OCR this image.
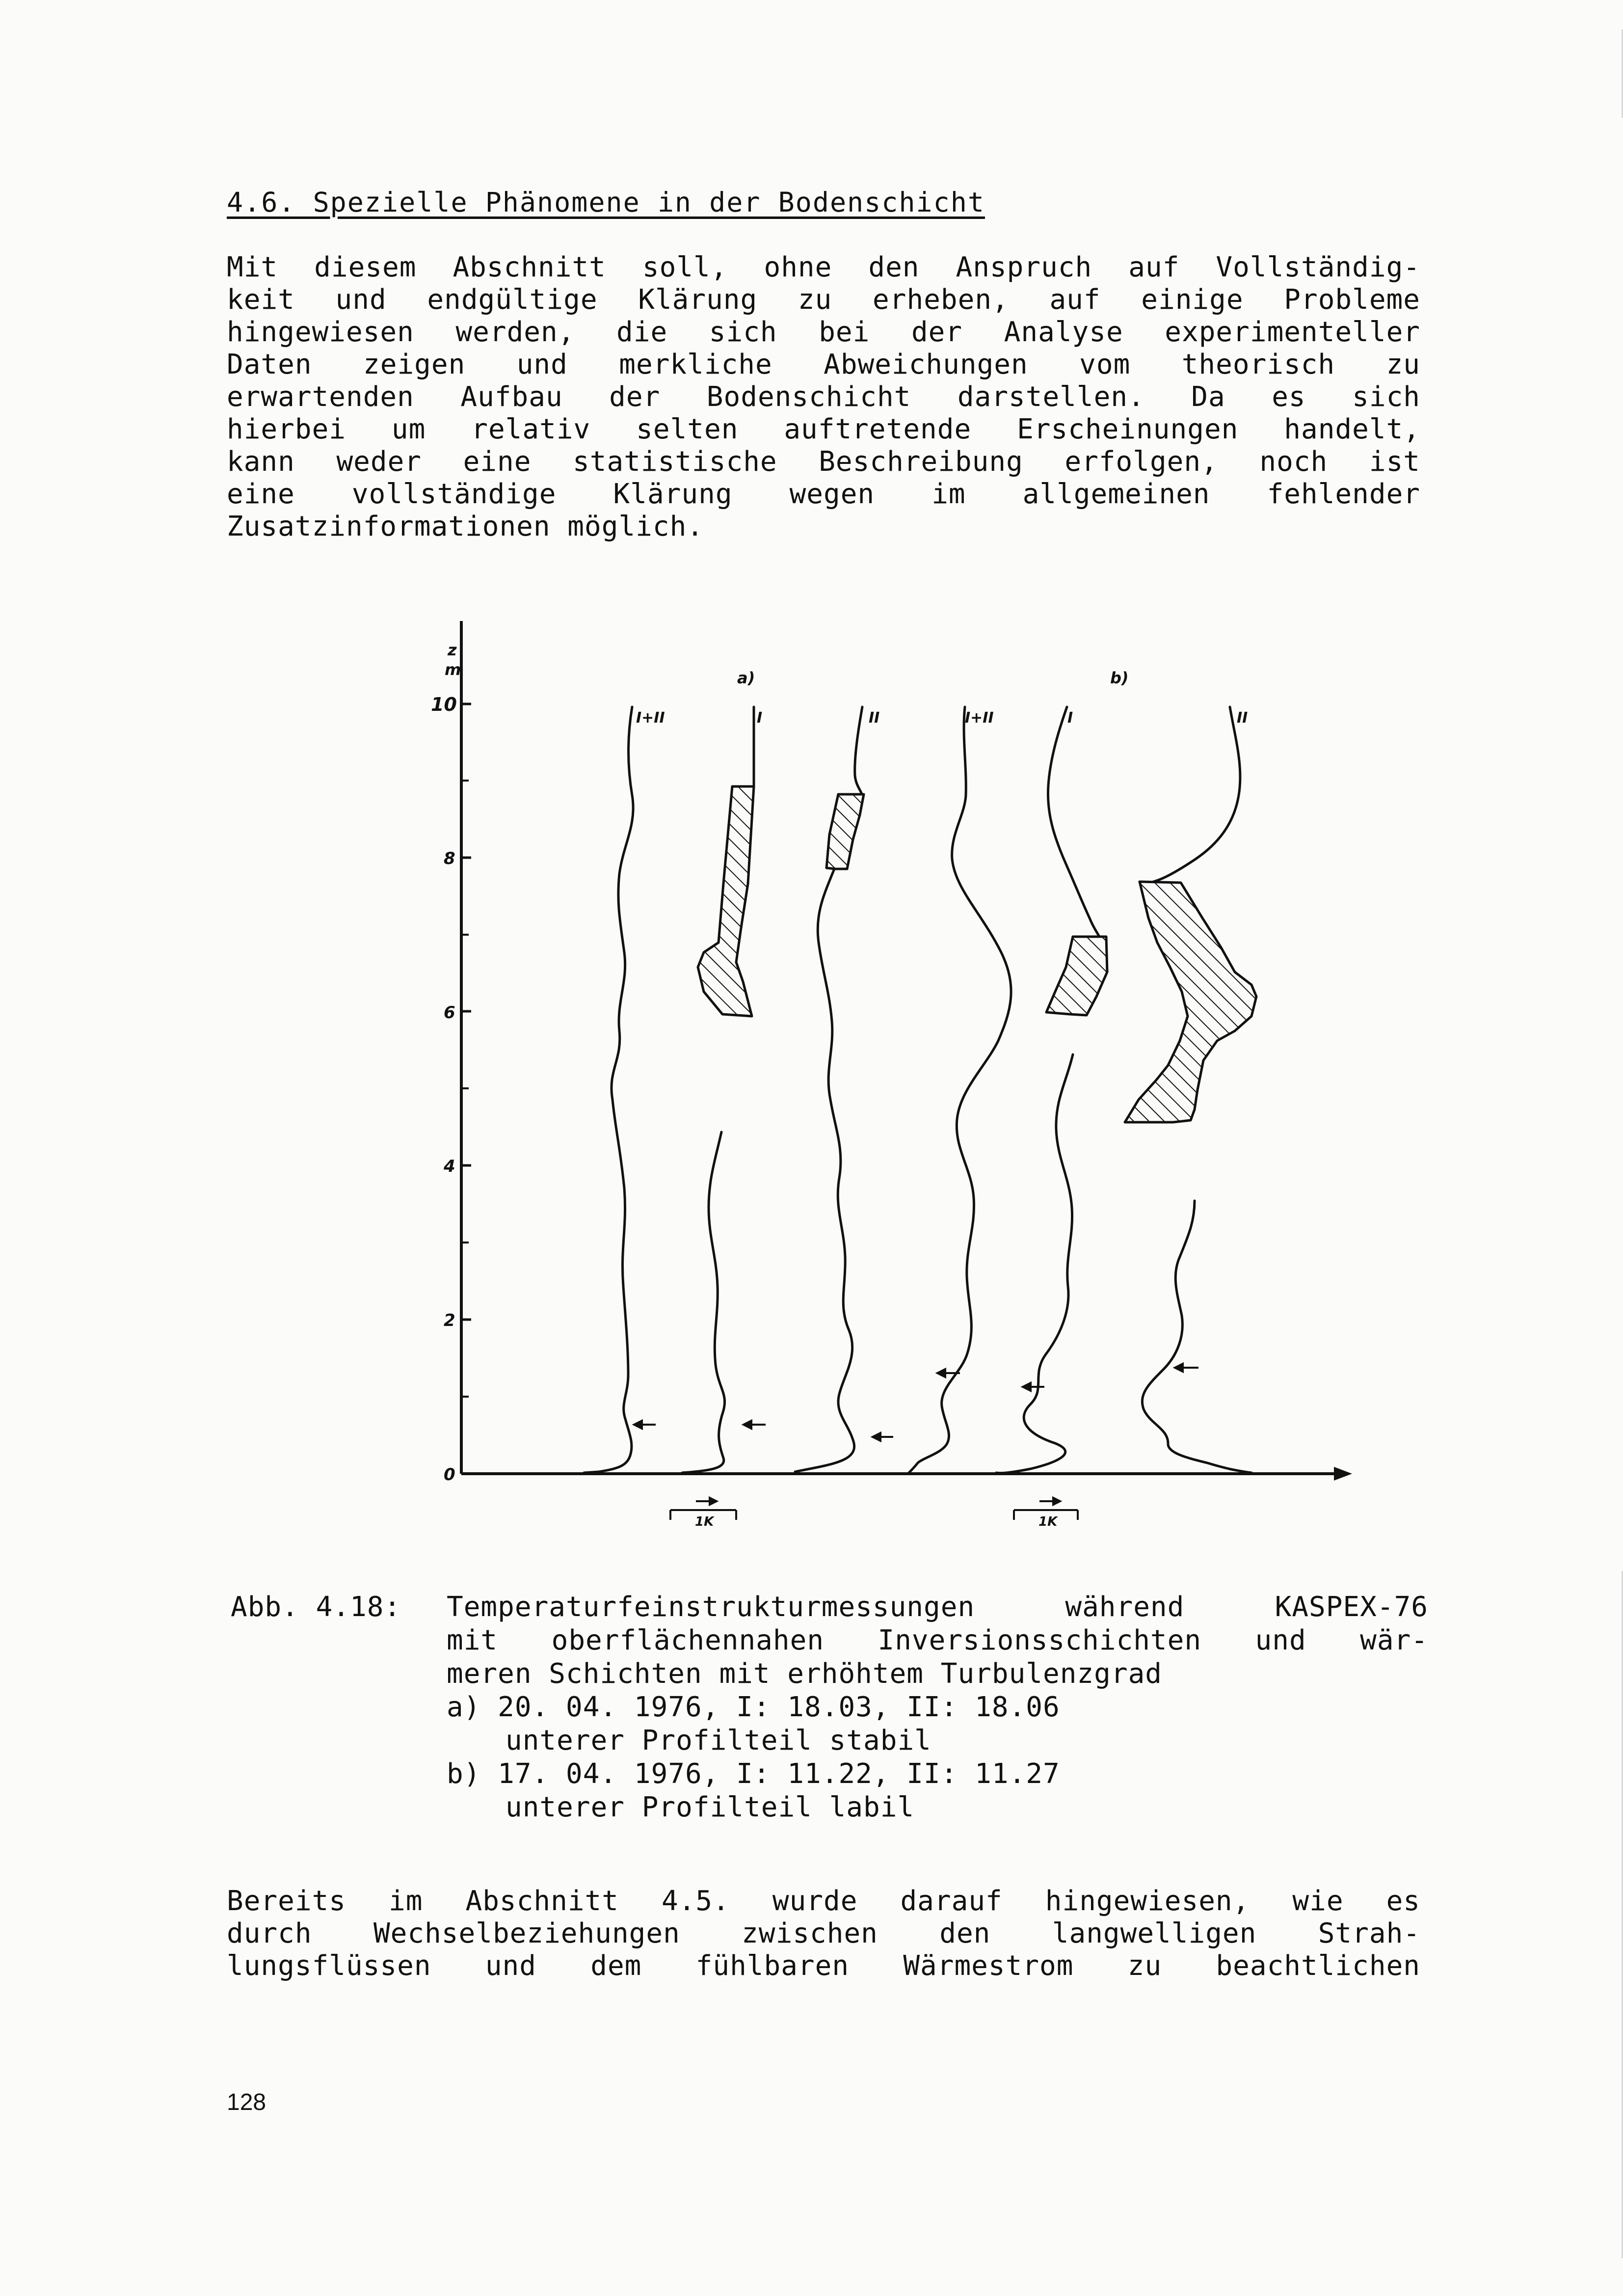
4.6. Spezielle Phänomene in der Bodenschicht
Mit diesem Abschnitt soll, ohne den Anspruch auf Vollständig-
keit und endgültige Klärung zu erheben, auf einige Probleme
hingewiesen werden, die sich bei der Analyse experimenteller
Daten zeigen und merkliche Abweichungen vom theorisch zu
erwartenden Aufbau der Bodenschicht darstellen. Da es sich
hierbei um relativ selten auftretende Erscheinungen handelt,
kann weder eine statistische Beschreibung erfolgen, noch ist
eine vollständige Klärung wegen im allgemeinen fehlender
Zusatzinformationen möglich.
10
8
6
4
2
0
z
m	a)	b)
I+II	I	II	I+II	I	II
1K	1K
Abb. 4.18: Temperaturfeinstrukturmessungen während KASPEX-76
mit oberflächennahen Inversionsschichten und wär-
meren Schichten mit erhöhtem Turbulenzgrad
a) 20. 04. 1976, I: 18.03, II: 18.06
unterer Profilteil stabil
b) 17. 04. 1976, I: 11.22, II: 11.27
unterer Profilteil labil
Bereits im Abschnitt 4.5. wurde darauf hingewiesen, wie es
durch Wechselbeziehungen zwischen den langwelligen Strah-
lungsflüssen und dem fühlbaren Wärmestrom zu beachtlichen
128
